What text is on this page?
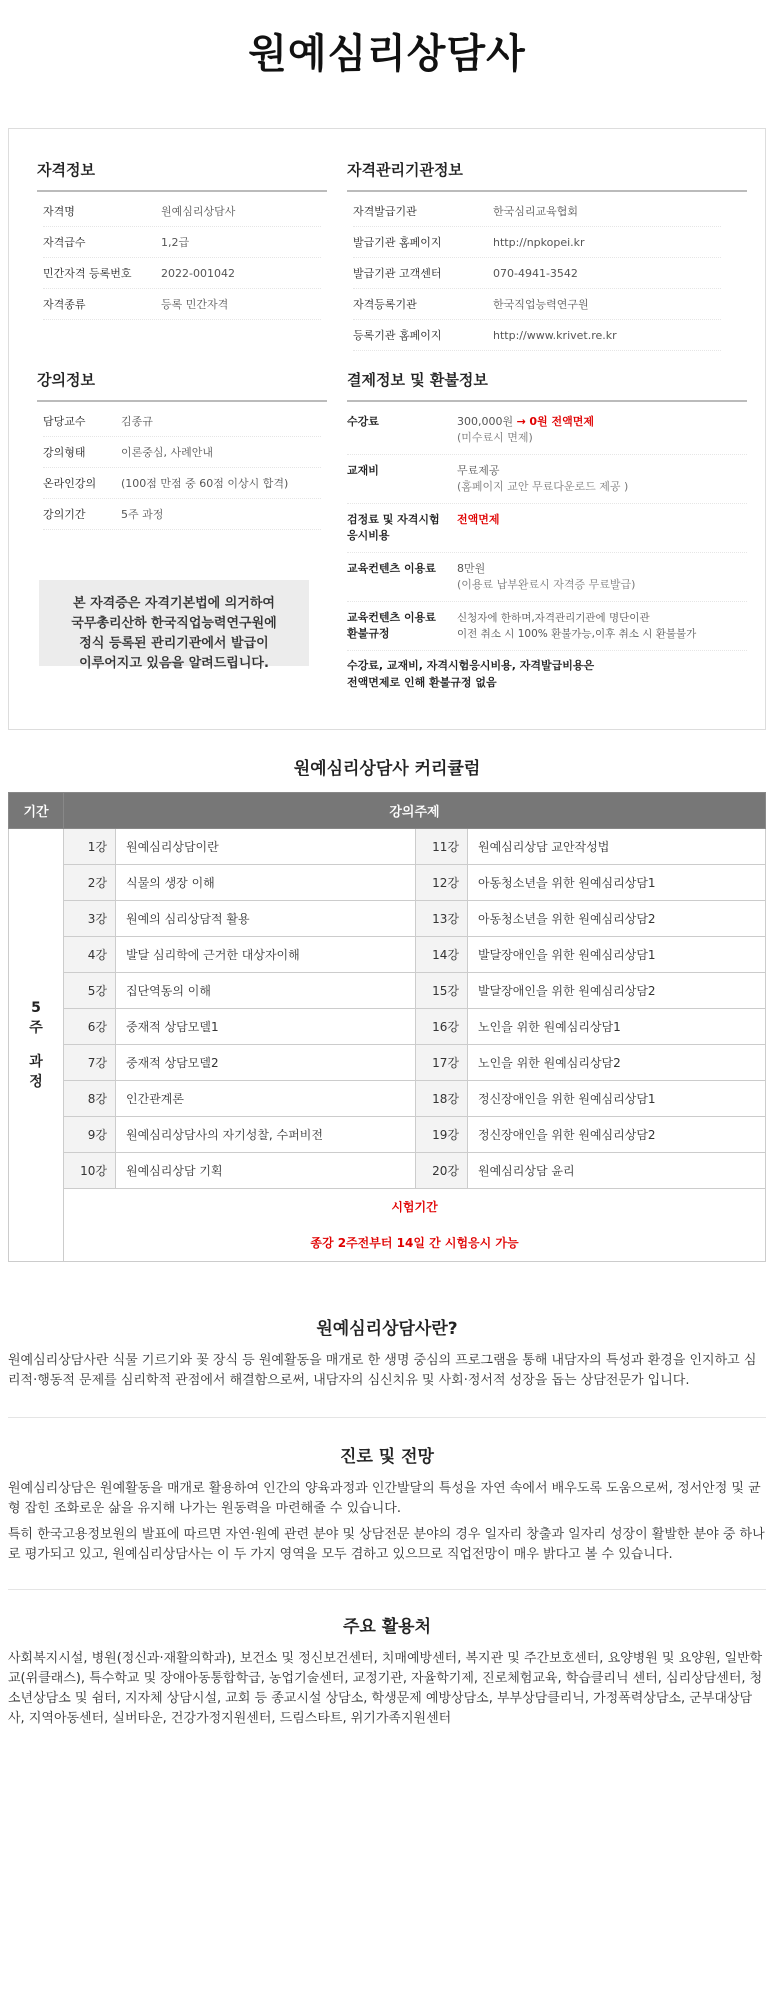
원예심리상담사
자격정보
자격명	원예심리상담사
자격급수	1,2급
민간자격 등록번호	2022-001042
자격종류	등록 민간자격
자격관리기관정보
자격발급기관	한국심리교육협회
발급기관 홈페이지	http://npkopei.kr
발급기관 고객센터	070-4941-3542
자격등록기관	한국직업능력연구원
등록기관 홈페이지	http://www.krivet.re.kr
강의정보
담당교수	김종규
강의형태	이론중심, 사례안내
온라인강의	(100점 만점 중 60점 이상시 합격)
강의기간	5주 과정
본 자격증은 자격기본법에 의거하여
국무총리산하 한국직업능력연구원에
정식 등록된 관리기관에서 발급이
이루어지고 있음을 알려드립니다.
결제정보 및 환불정보
수강료	300,000원 → 0원 전액면제
(미수료시 면제)
교재비	무료제공
(홈페이지 교안 무료다운로드 제공 )
검정료 및 자격시험
응시비용
전액면제
교육컨텐츠 이용료	8만원
(이용료 납부완료시 자격증 무료발급)
교육컨텐츠 이용료
환불규정
신청자에 한하며,자격관리기관에 명단이관
이전 취소 시 100% 환불가능,이후 취소 시 환불불가
수강료, 교재비, 자격시험응시비용, 자격발급비용은
전액면제로 인해 환불규정 없음
원예심리상담사 커리큘럼
기간	강의주제			

5
주
과
정	1강	원예심리상담이란	11강	원예심리상담 교안작성법
	2강	식물의 생장 이해	12강	아동청소년을 위한 원예심리상담1
	3강	원예의 심리상담적 활용	13강	아동청소년을 위한 원예심리상담2
	4강	발달 심리학에 근거한 대상자이해	14강	발달장애인을 위한 원예심리상담1
	5강	집단역동의 이해	15강	발달장애인을 위한 원예심리상담2
	6강	중재적 상담모델1	16강	노인을 위한 원예심리상담1
	7강	중재적 상담모델2	17강	노인을 위한 원예심리상담2
	8강	인간관계론	18강	정신장애인을 위한 원예심리상담1
	9강	원예심리상담사의 자기성찰, 수퍼비전	19강	정신장애인을 위한 원예심리상담2
	10강	원예심리상담 기획	20강	원예심리상담 윤리

	시험기간
종강 2주전부터 14일 간 시험응시 가능			
원예심리상담사란?
원예심리상담사란 식물 기르기와 꽃 장식 등 원예활동을 매개로 한 생명 중심의 프로그램을 통해 내담자의 특성과 환경을 인지하고 심리적·행동적 문제를 심리학적 관점에서 해결함으로써, 내담자의 심신치유 및 사회·정서적 성장을 돕는 상담전문가 입니다.
진로 및 전망
원예심리상담은 원예활동을 매개로 활용하여 인간의 양육과정과 인간발달의 특성을 자연 속에서 배우도록 도움으로써, 정서안정 및 균형 잡힌 조화로운 삶을 유지해 나가는 원동력을 마련해줄 수 있습니다.
특히 한국고용정보원의 발표에 따르면 자연·원예 관련 분야 및 상담전문 분야의 경우 일자리 창출과 일자리 성장이 활발한 분야 중 하나로 평가되고 있고, 원예심리상담사는 이 두 가지 영역을 모두 겸하고 있으므로 직업전망이 매우 밝다고 볼 수 있습니다.
주요 활용처
사회복지시설, 병원(정신과·재활의학과), 보건소 및 정신보건센터, 치매예방센터, 복지관 및 주간보호센터, 요양병원 및 요양원, 일반학교(위클래스), 특수학교 및 장애아동통합학급, 농업기술센터, 교정기관, 자율학기제, 진로체험교육, 학습클리닉 센터, 심리상담센터, 청소년상담소 및 쉼터, 지자체 상담시설, 교회 등 종교시설 상담소, 학생문제 예방상담소, 부부상담클리닉, 가정폭력상담소, 군부대상담사, 지역아동센터, 실버타운, 건강가정지원센터, 드림스타트, 위기가족지원센터
